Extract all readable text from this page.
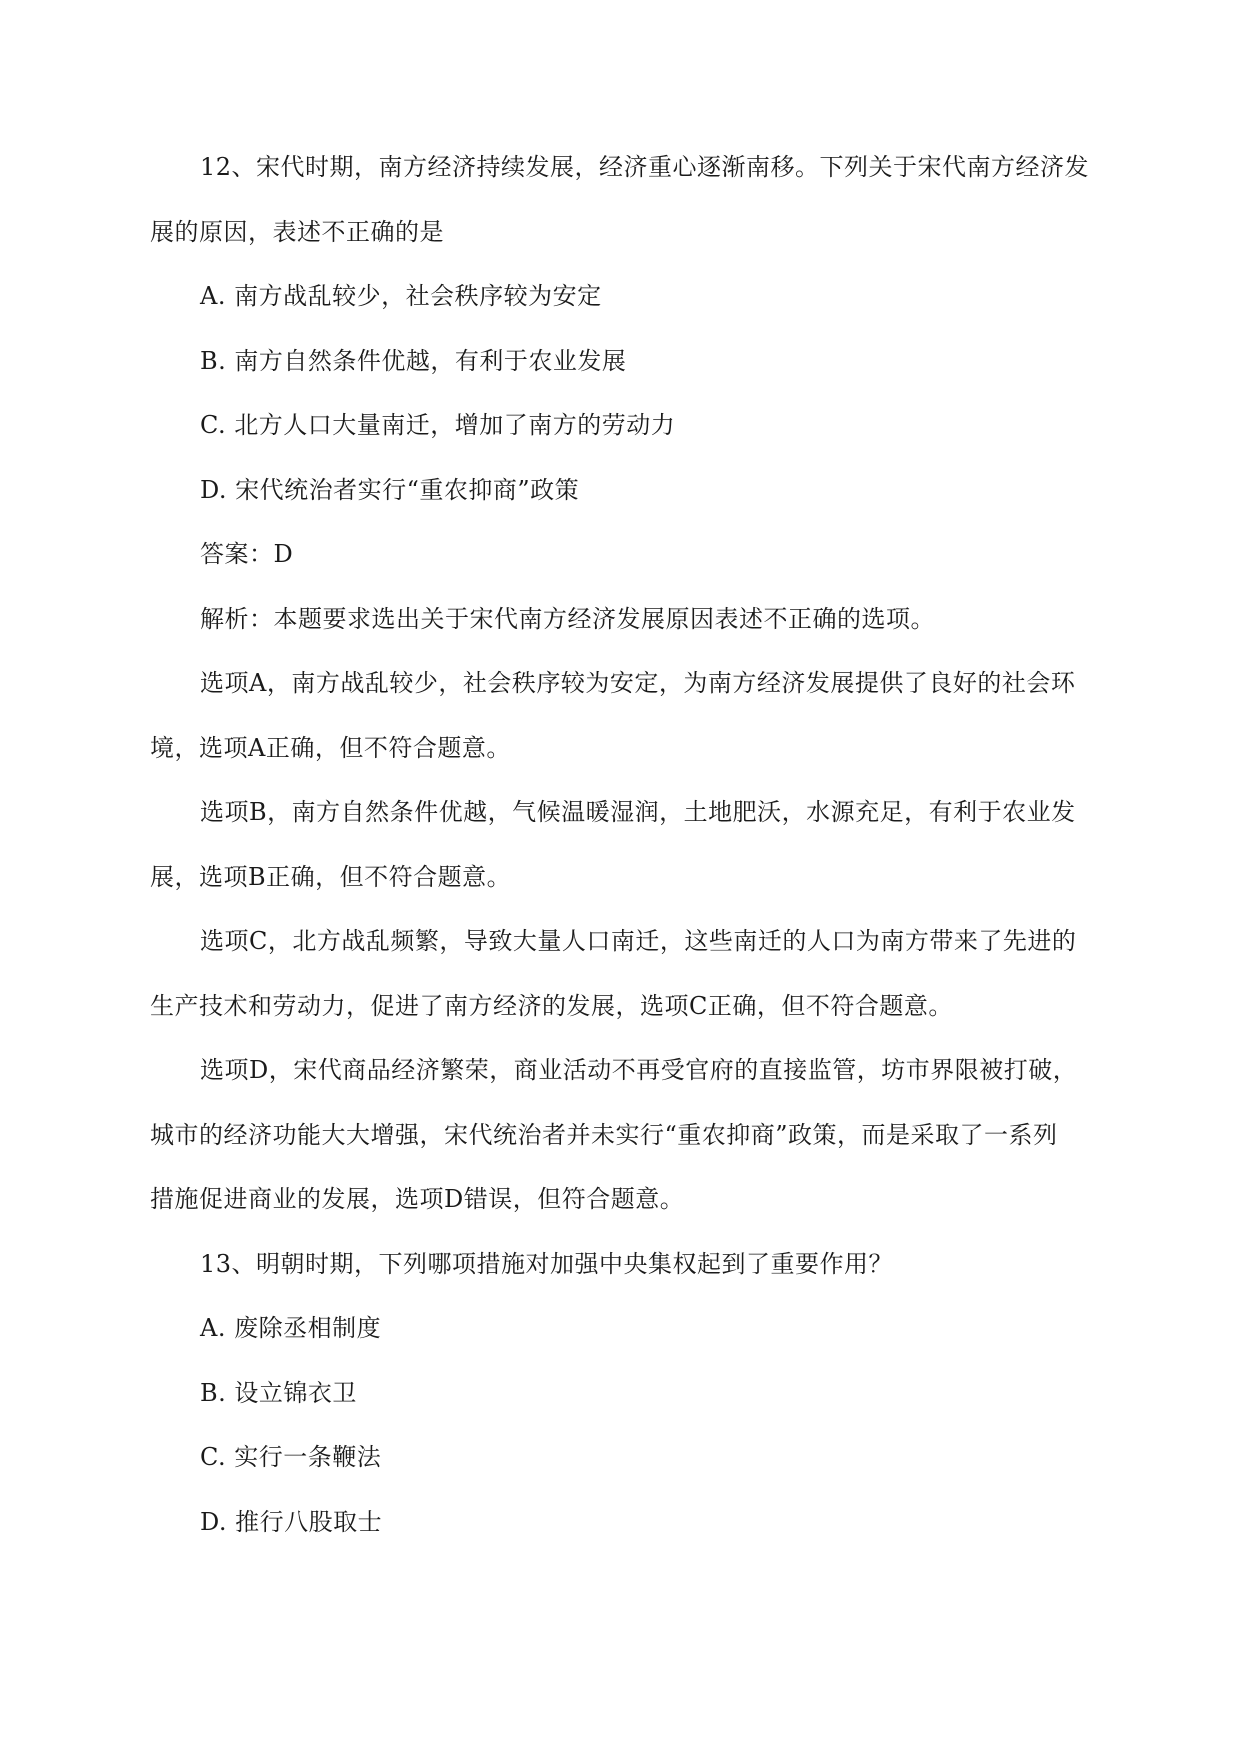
12、宋代时期，南方经济持续发展，经济重心逐渐南移。下列关于宋代南方经济发
展的原因，表述不正确的是
A. 南方战乱较少，社会秩序较为安定
B. 南方自然条件优越，有利于农业发展
C. 北方人口大量南迁，增加了南方的劳动力
D. 宋代统治者实行“重农抑商”政策
答案：D
解析：本题要求选出关于宋代南方经济发展原因表述不正确的选项。
选项A，南方战乱较少，社会秩序较为安定，为南方经济发展提供了良好的社会环
境，选项A正确，但不符合题意。
选项B，南方自然条件优越，气候温暖湿润，土地肥沃，水源充足，有利于农业发
展，选项B正确，但不符合题意。
选项C，北方战乱频繁，导致大量人口南迁，这些南迁的人口为南方带来了先进的
生产技术和劳动力，促进了南方经济的发展，选项C正确，但不符合题意。
选项D，宋代商品经济繁荣，商业活动不再受官府的直接监管，坊市界限被打破，
城市的经济功能大大增强，宋代统治者并未实行“重农抑商”政策，而是采取了一系列
措施促进商业的发展，选项D错误，但符合题意。
13、明朝时期，下列哪项措施对加强中央集权起到了重要作用？
A. 废除丞相制度
B. 设立锦衣卫
C. 实行一条鞭法
D. 推行八股取士
